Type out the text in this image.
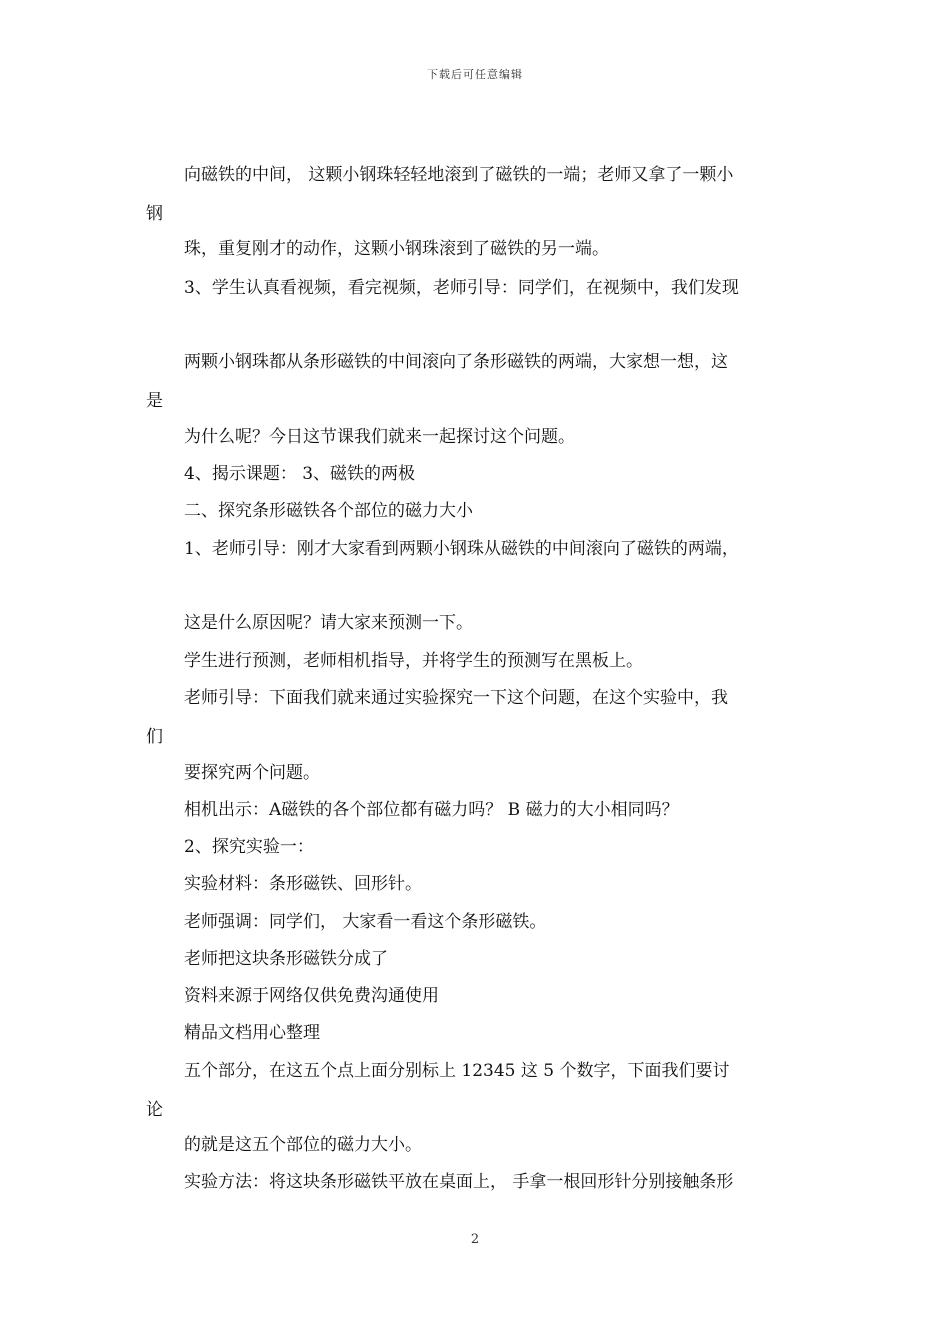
下载后可任意编辑
向磁铁的中间， 这颗小钢珠轻轻地滚到了磁铁的一端；老师又拿了一颗小
钢
珠，重复刚才的动作，这颗小钢珠滚到了磁铁的另一端。
3、学生认真看视频，看完视频，老师引导：同学们，在视频中，我们发现
两颗小钢珠都从条形磁铁的中间滚向了条形磁铁的两端，大家想一想，这
是
为什么呢？今日这节课我们就来一起探讨这个问题。
4、揭示课题： 3、磁铁的两极
二、探究条形磁铁各个部位的磁力大小
1、老师引导：刚才大家看到两颗小钢珠从磁铁的中间滚向了磁铁的两端，
这是什么原因呢？请大家来预测一下。
学生进行预测，老师相机指导，并将学生的预测写在黑板上。
老师引导：下面我们就来通过实验探究一下这个问题，在这个实验中，我
们
要探究两个问题。
相机出示：A磁铁的各个部位都有磁力吗？ B 磁力的大小相同吗？
2、探究实验一：
实验材料：条形磁铁、回形针。
老师强调：同学们， 大家看一看这个条形磁铁。
老师把这块条形磁铁分成了
资料来源于网络仅供免费沟通使用
精品文档用心整理
五个部分，在这五个点上面分别标上 12345 这 5 个数字，下面我们要讨
论
的就是这五个部位的磁力大小。
实验方法：将这块条形磁铁平放在桌面上， 手拿一根回形针分别接触条形
2
